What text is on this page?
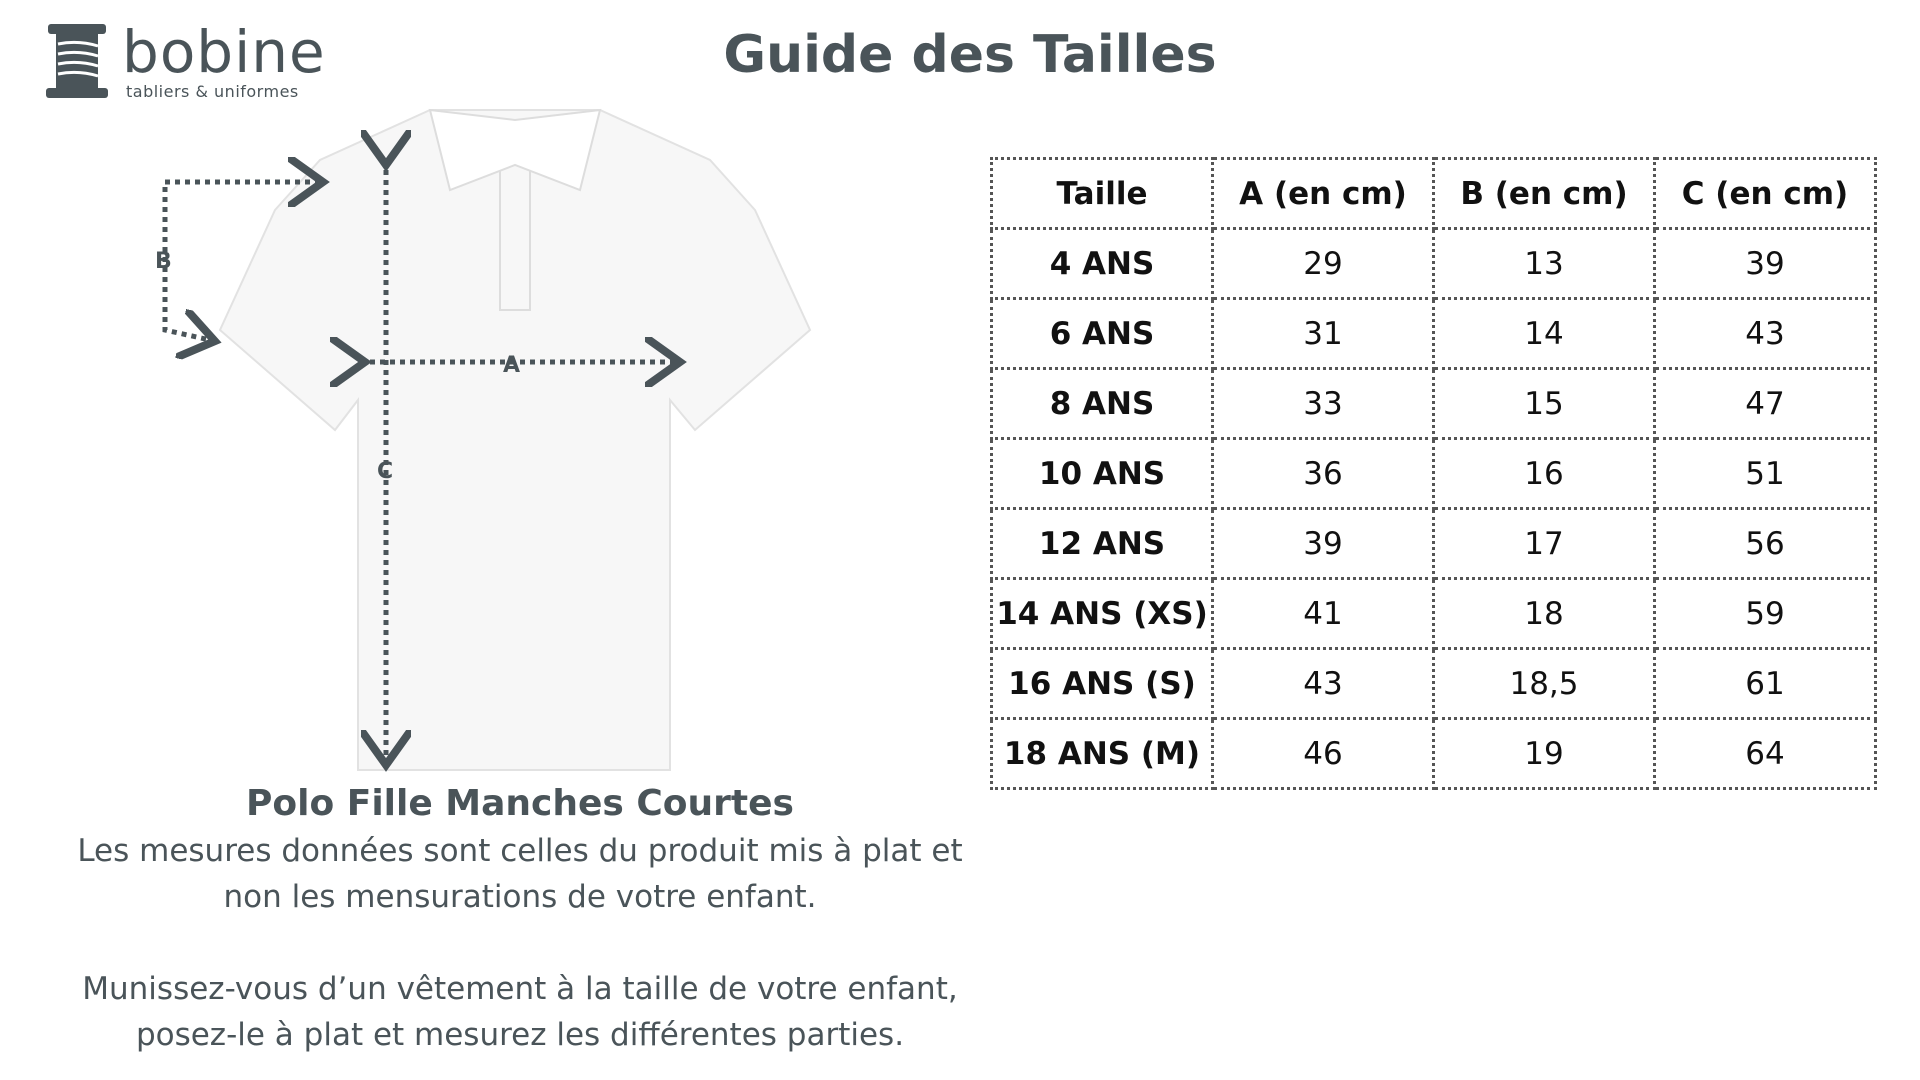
bobine
tabliers & uniformes
Guide des Tailles
B
A
C
Polo Fille Manches Courtes
Les mesures données sont celles du produit mis à plat et
non les mensurations de votre enfant.
Munissez-vous d’un vêtement à la taille de votre enfant,
posez-le à plat et mesurez les différentes parties.
Taille	A (en cm)	B (en cm)	C (en cm)
4 ANS	29	13	39
6 ANS	31	14	43
8 ANS	33	15	47
10 ANS	36	16	51
12 ANS	39	17	56
14 ANS (XS)	41	18	59
16 ANS (S)	43	18,5	61
18 ANS (M)	46	19	64
